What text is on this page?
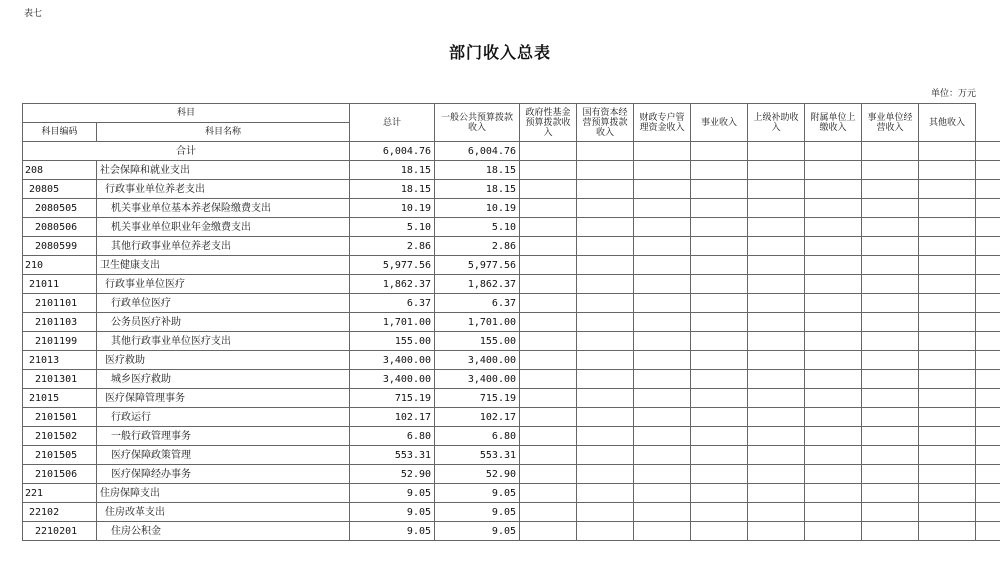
表七
部门收入总表
单位：万元
科目		总计	一般公共预算拨款收入	政府性基金预算拨款收入	国有资本经营预算拨款收入	财政专户管理资金收入	事业收入	上级补助收入	附属单位上缴收入	事业单位经营收入	其他收入	
科目编码	科目名称											
合计		6,004.76	6,004.76									
208	社会保障和就业支出	18.15	18.15									
20805	行政事业单位养老支出	18.15	18.15									
2080505	机关事业单位基本养老保险缴费支出	10.19	10.19									
2080506	机关事业单位职业年金缴费支出	5.10	5.10									
2080599	其他行政事业单位养老支出	2.86	2.86									
210	卫生健康支出	5,977.56	5,977.56									
21011	行政事业单位医疗	1,862.37	1,862.37									
2101101	行政单位医疗	6.37	6.37									
2101103	公务员医疗补助	1,701.00	1,701.00									
2101199	其他行政事业单位医疗支出	155.00	155.00									
21013	医疗救助	3,400.00	3,400.00									
2101301	城乡医疗救助	3,400.00	3,400.00									
21015	医疗保障管理事务	715.19	715.19									
2101501	行政运行	102.17	102.17									
2101502	一般行政管理事务	6.80	6.80									
2101505	医疗保障政策管理	553.31	553.31									
2101506	医疗保障经办事务	52.90	52.90									
221	住房保障支出	9.05	9.05									
22102	住房改革支出	9.05	9.05									
2210201	住房公积金	9.05	9.05									
